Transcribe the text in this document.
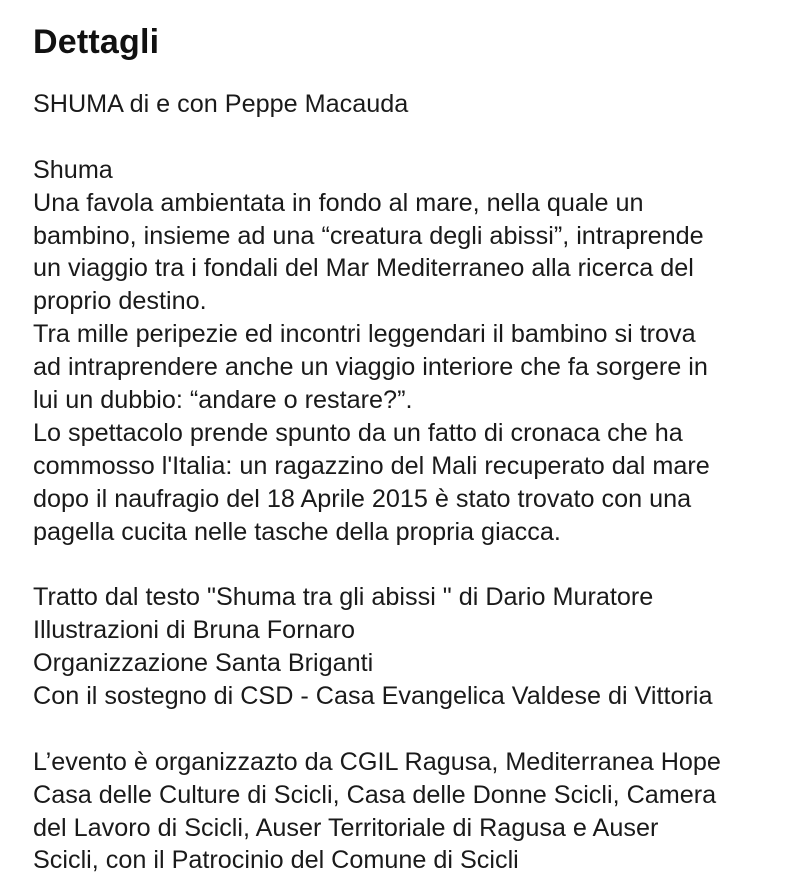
Dettagli
SHUMA di e con Peppe Macauda
Shuma
Una favola ambientata in fondo al mare, nella quale un
bambino, insieme ad una “creatura degli abissi”, intraprende
un viaggio tra i fondali del Mar Mediterraneo alla ricerca del
proprio destino.
Tra mille peripezie ed incontri leggendari il bambino si trova
ad intraprendere anche un viaggio interiore che fa sorgere in
lui un dubbio: “andare o restare?”.
Lo spettacolo prende spunto da un fatto di cronaca che ha
commosso l'Italia: un ragazzino del Mali recuperato dal mare
dopo il naufragio del 18 Aprile 2015 è stato trovato con una
pagella cucita nelle tasche della propria giacca.
Tratto dal testo "Shuma tra gli abissi " di Dario Muratore
Illustrazioni di Bruna Fornaro
Organizzazione Santa Briganti
Con il sostegno di CSD - Casa Evangelica Valdese di Vittoria
L’evento è organizzazto da CGIL Ragusa, Mediterranea Hope
Casa delle Culture di Scicli, Casa delle Donne Scicli, Camera
del Lavoro di Scicli, Auser Territoriale di Ragusa e Auser
Scicli, con il Patrocinio del Comune di Scicli
